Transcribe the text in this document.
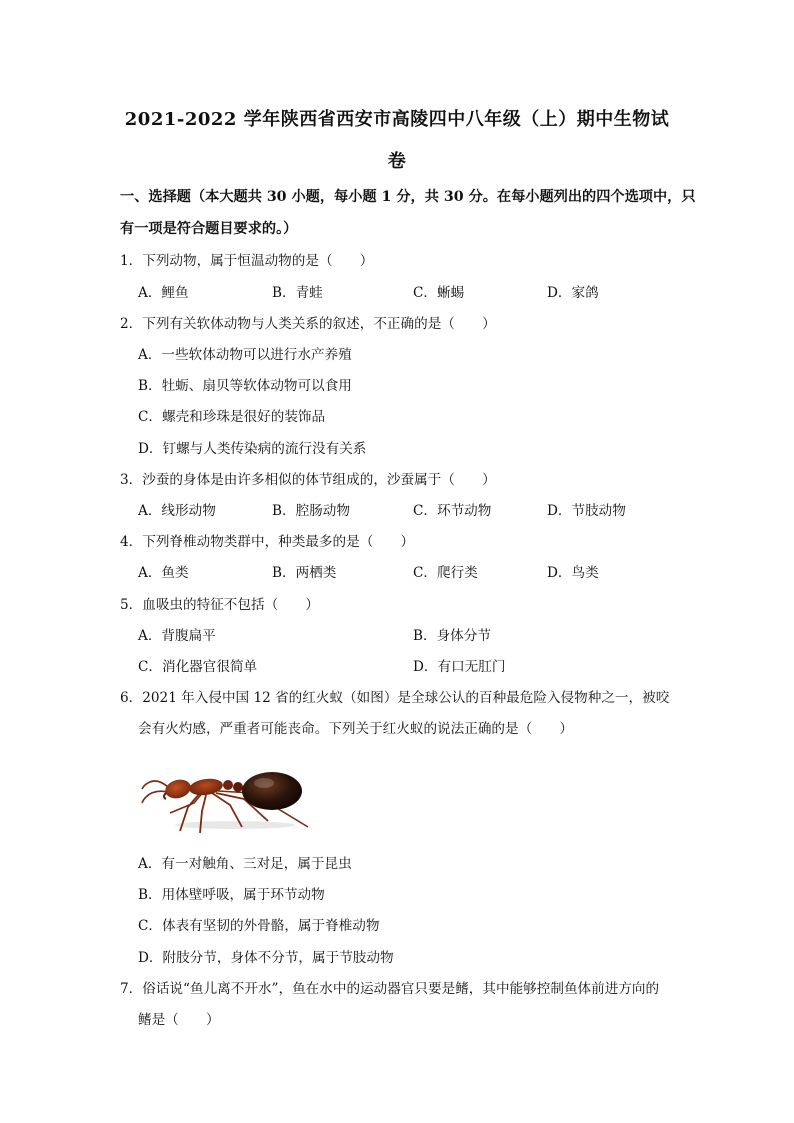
2021-2022 学年陕西省西安市高陵四中八年级（上）期中生物试
卷
一、选择题（本大题共 30 小题，每小题 1 分，共 30 分。在每小题列出的四个选项中，只
有一项是符合题目要求的。）
1．下列动物，属于恒温动物的是（　　）
A．鲤鱼	B．青蛙	C．蜥蜴	D．家鸽
2．下列有关软体动物与人类关系的叙述，不正确的是（　　）
A．一些软体动物可以进行水产养殖
B．牡蛎、扇贝等软体动物可以食用
C．螺壳和珍珠是很好的装饰品
D．钉螺与人类传染病的流行没有关系
3．沙蚕的身体是由许多相似的体节组成的，沙蚕属于（　　）
A．线形动物	B．腔肠动物	C．环节动物	D．节肢动物
4．下列脊椎动物类群中，种类最多的是（　　）
A．鱼类	B．两栖类	C．爬行类	D．鸟类
5．血吸虫的特征不包括（　　）
A．背腹扁平	B．身体分节
C．消化器官很简单	D．有口无肛门
6．2021 年入侵中国 12 省的红火蚁（如图）是全球公认的百种最危险入侵物种之一，被咬
会有火灼感，严重者可能丧命。下列关于红火蚁的说法正确的是（　　）
A．有一对触角、三对足，属于昆虫
B．用体壁呼吸，属于环节动物
C．体表有坚韧的外骨骼，属于脊椎动物
D．附肢分节，身体不分节，属于节肢动物
7．俗话说“鱼儿离不开水”，鱼在水中的运动器官只要是鳍，其中能够控制鱼体前进方向的
鳍是（　　）
